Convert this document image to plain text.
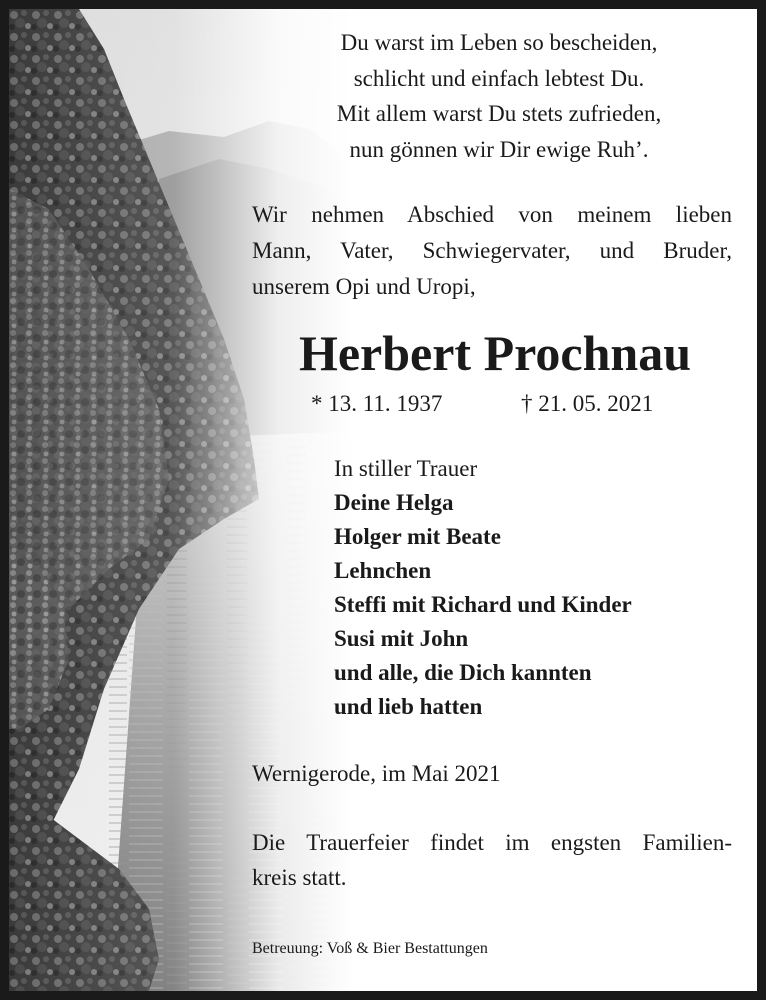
Du warst im Leben so bescheiden,
schlicht und einfach lebtest Du.
Mit allem warst Du stets zufrieden,
nun gönnen wir Dir ewige Ruh’.
Wir nehmen Abschied von meinem lieben
Mann, Vater, Schwiegervater, und Bruder,
unserem Opi und Uropi,
Herbert Prochnau
* 13. 11. 1937	† 21. 05. 2021
In stiller Trauer
Deine Helga
Holger mit Beate
Lehnchen
Steffi mit Richard und Kinder
Susi mit John
und alle, die Dich kannten
und lieb hatten
Wernigerode, im Mai 2021
Die Trauerfeier findet im engsten Familien-
kreis statt.
Betreuung: Voß & Bier Bestattungen
